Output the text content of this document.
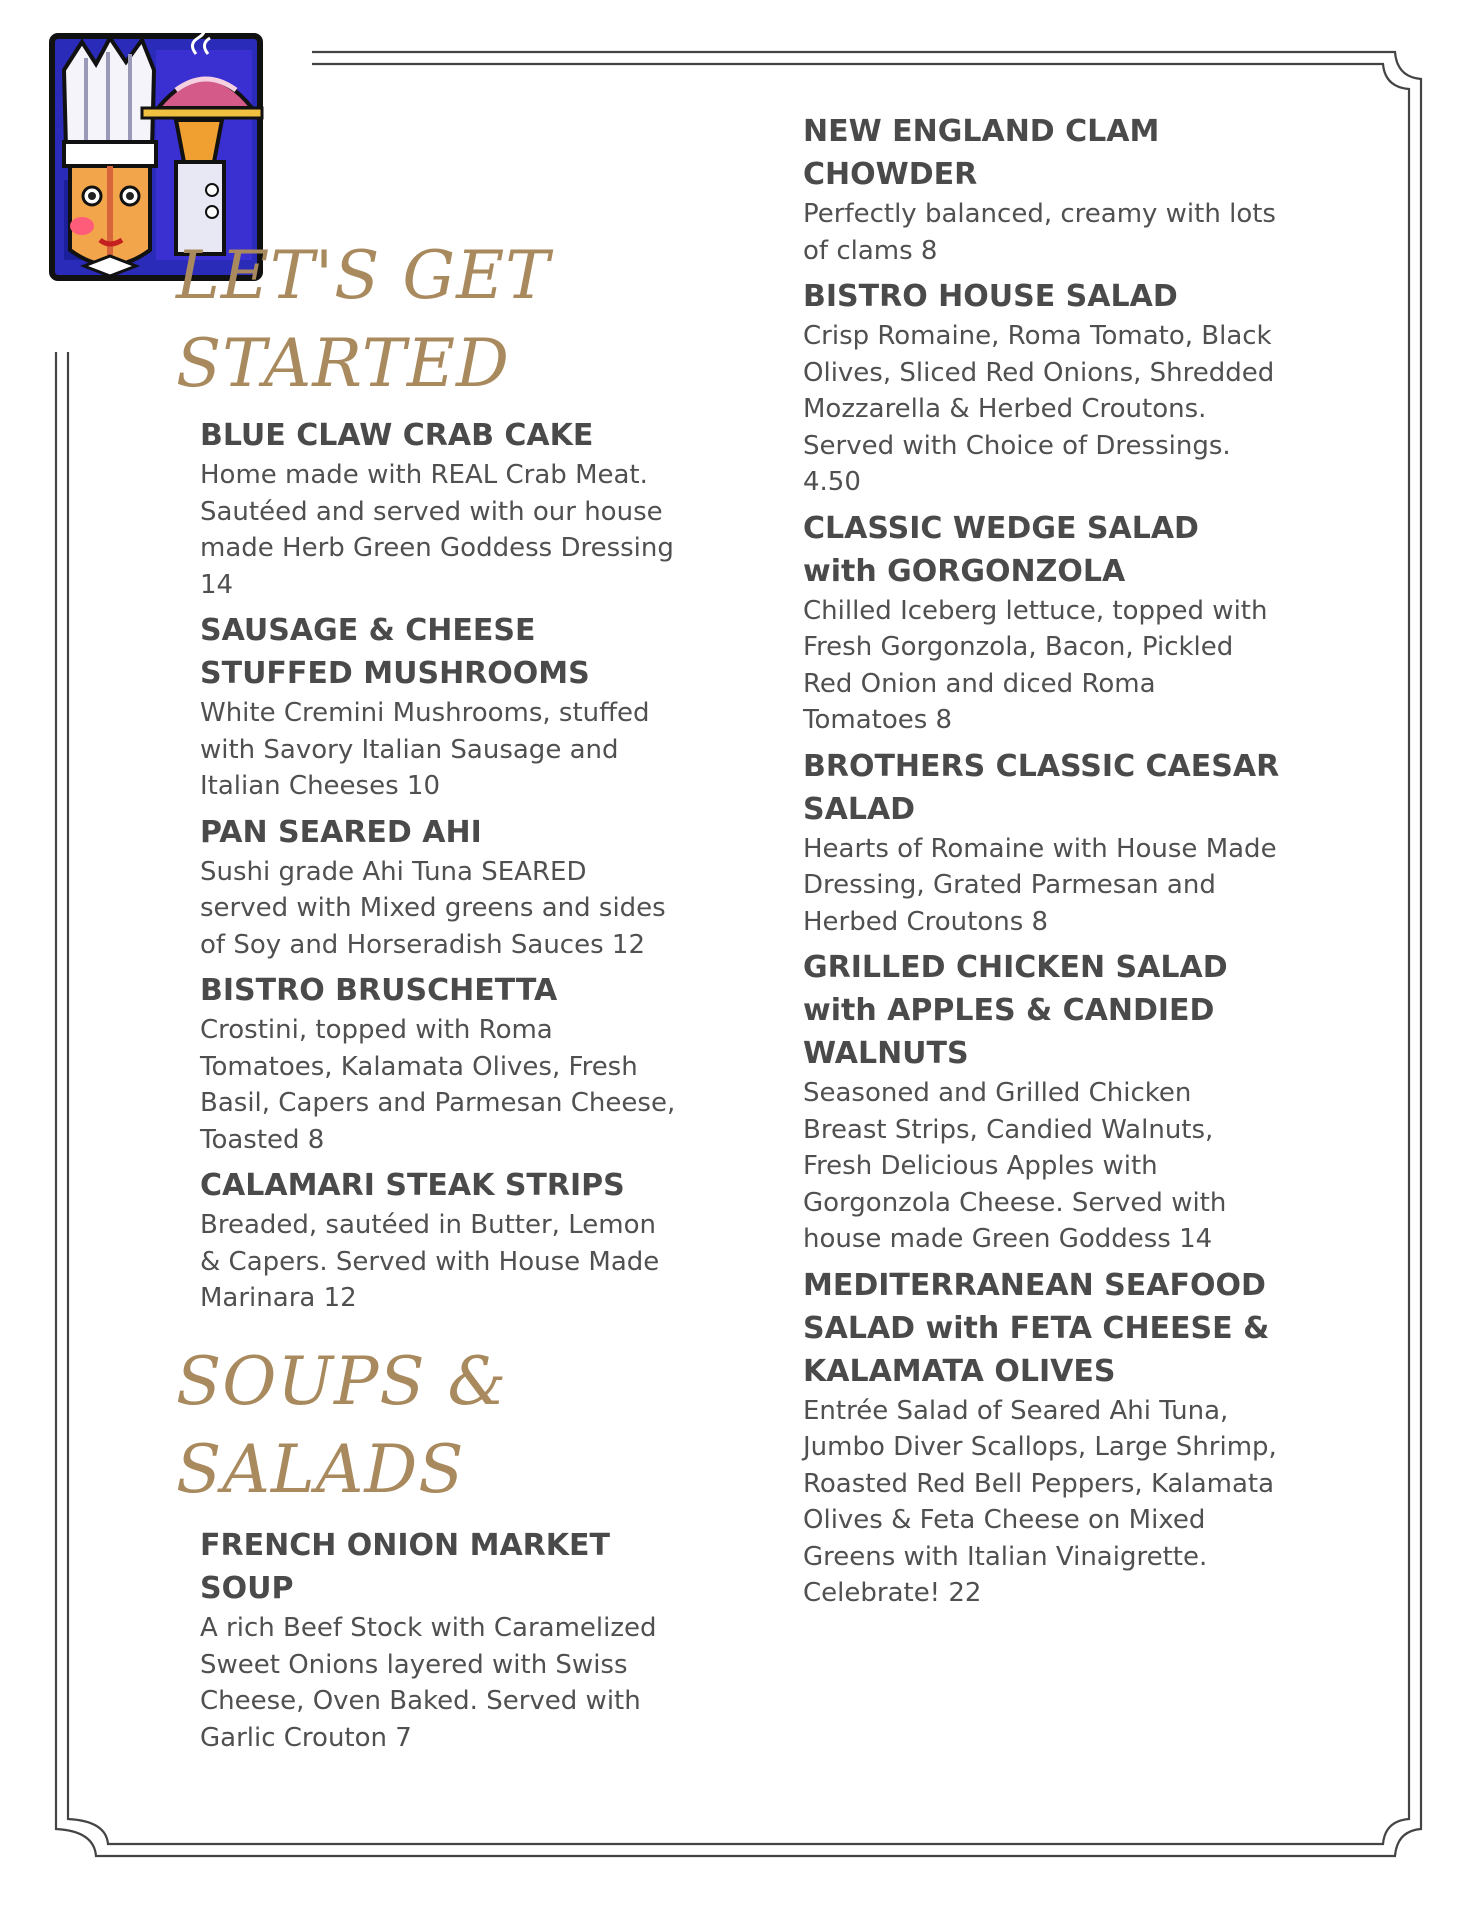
LET'S GET
STARTED

BLUE CLAW CRAB CAKE

Home made with REAL Crab Meat. Sautéed and served with our house made Herb Green Goddess Dressing 14

SAUSAGE & CHEESE STUFFED MUSHROOMS

White Cremini Mushrooms, stuffed with Savory Italian Sausage and Italian Cheeses 10

PAN SEARED AHI

Sushi grade Ahi Tuna SEARED served with Mixed greens and sides of Soy and Horseradish Sauces 12

BISTRO BRUSCHETTA

Crostini, topped with Roma Tomatoes, Kalamata Olives, Fresh Basil, Capers and Parmesan Cheese, Toasted 8

CALAMARI STEAK STRIPS

Breaded, sautéed in Butter, Lemon & Capers. Served with House Made Marinara 12

SOUPS &
SALADS

FRENCH ONION MARKET SOUP

A rich Beef Stock with Caramelized Sweet Onions layered with Swiss Cheese, Oven Baked. Served with Garlic Crouton 7

NEW ENGLAND CLAM CHOWDER

Perfectly balanced, creamy with lots of clams 8

BISTRO HOUSE SALAD

Crisp Romaine, Roma Tomato, Black Olives, Sliced Red Onions, Shredded Mozzarella & Herbed Croutons. Served with Choice of Dressings. 4.50

CLASSIC WEDGE SALAD with GORGONZOLA

Chilled Iceberg lettuce, topped with Fresh Gorgonzola, Bacon, Pickled Red Onion and diced Roma Tomatoes 8

BROTHERS CLASSIC CAESAR SALAD

Hearts of Romaine with House Made Dressing, Grated Parmesan and Herbed Croutons 8

GRILLED CHICKEN SALAD with APPLES & CANDIED WALNUTS

Seasoned and Grilled Chicken Breast Strips, Candied Walnuts, Fresh Delicious Apples with Gorgonzola Cheese. Served with house made Green Goddess 14

MEDITERRANEAN SEAFOOD SALAD with FETA CHEESE & KALAMATA OLIVES

Entrée Salad of Seared Ahi Tuna, Jumbo Diver Scallops, Large Shrimp, Roasted Red Bell Peppers, Kalamata Olives & Feta Cheese on Mixed Greens with Italian Vinaigrette. Celebrate! 22
